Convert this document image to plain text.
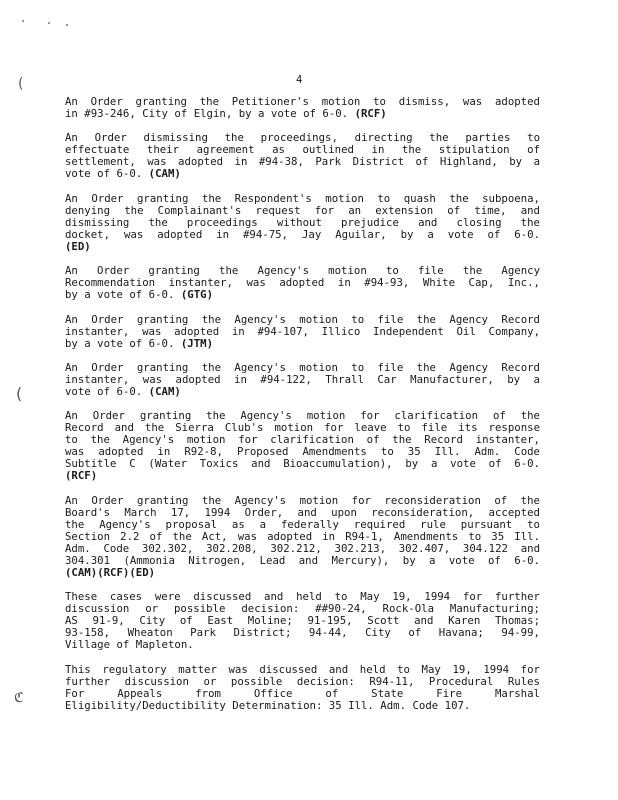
(
(
ℭ
4
An Order granting the Petitioner's motion to dismiss, was adopted
in #93-246, City of Elgin, by a vote of 6-0. (RCF)
An Order dismissing the proceedings, directing the parties to
effectuate their agreement as outlined in the stipulation of
settlement, was adopted in #94-38, Park District of Highland, by a
vote of 6-0. (CAM)
An Order granting the Respondent's motion to quash the subpoena,
denying the Complainant's request for an extension of time, and
dismissing the proceedings without prejudice and closing the
docket, was adopted in #94-75, Jay Aguilar, by a vote of 6-0.
(ED)
An Order granting the Agency's motion to file the Agency
Recommendation instanter, was adopted in #94-93, White Cap, Inc.,
by a vote of 6-0. (GTG)
An Order granting the Agency's motion to file the Agency Record
instanter, was adopted in #94-107, Illico Independent Oil Company,
by a vote of 6-0. (JTM)
An Order granting the Agency's motion to file the Agency Record
instanter, was adopted in #94-122, Thrall Car Manufacturer, by a
vote of 6-0. (CAM)
An Order granting the Agency's motion for clarification of the
Record and the Sierra Club's motion for leave to file its response
to the Agency's motion for clarification of the Record instanter,
was adopted in R92-8, Proposed Amendments to 35 Ill. Adm. Code
Subtitle C (Water Toxics and Bioaccumulation), by a vote of 6-0.
(RCF)
An Order granting the Agency's motion for reconsideration of the
Board's March 17, 1994 Order, and upon reconsideration, accepted
the Agency's proposal as a federally required rule pursuant to
Section 2.2 of the Act, was adopted in R94-1, Amendments to 35 Ill.
Adm. Code 302.302, 302.208, 302.212, 302.213, 302.407, 304.122 and
304.301 (Ammonia Nitrogen, Lead and Mercury), by a vote of 6-0.
(CAM)(RCF)(ED)
These cases were discussed and held to May 19, 1994 for further
discussion or possible decision: ##90-24, Rock-Ola Manufacturing;
AS 91-9, City of East Moline; 91-195, Scott and Karen Thomas;
93-158, Wheaton Park District; 94-44, City of Havana; 94-99,
Village of Mapleton.
This regulatory matter was discussed and held to May 19, 1994 for
further discussion or possible decision: R94-11, Procedural Rules
For Appeals from Office of State Fire Marshal
Eligibility/Deductibility Determination: 35 Ill. Adm. Code 107.
